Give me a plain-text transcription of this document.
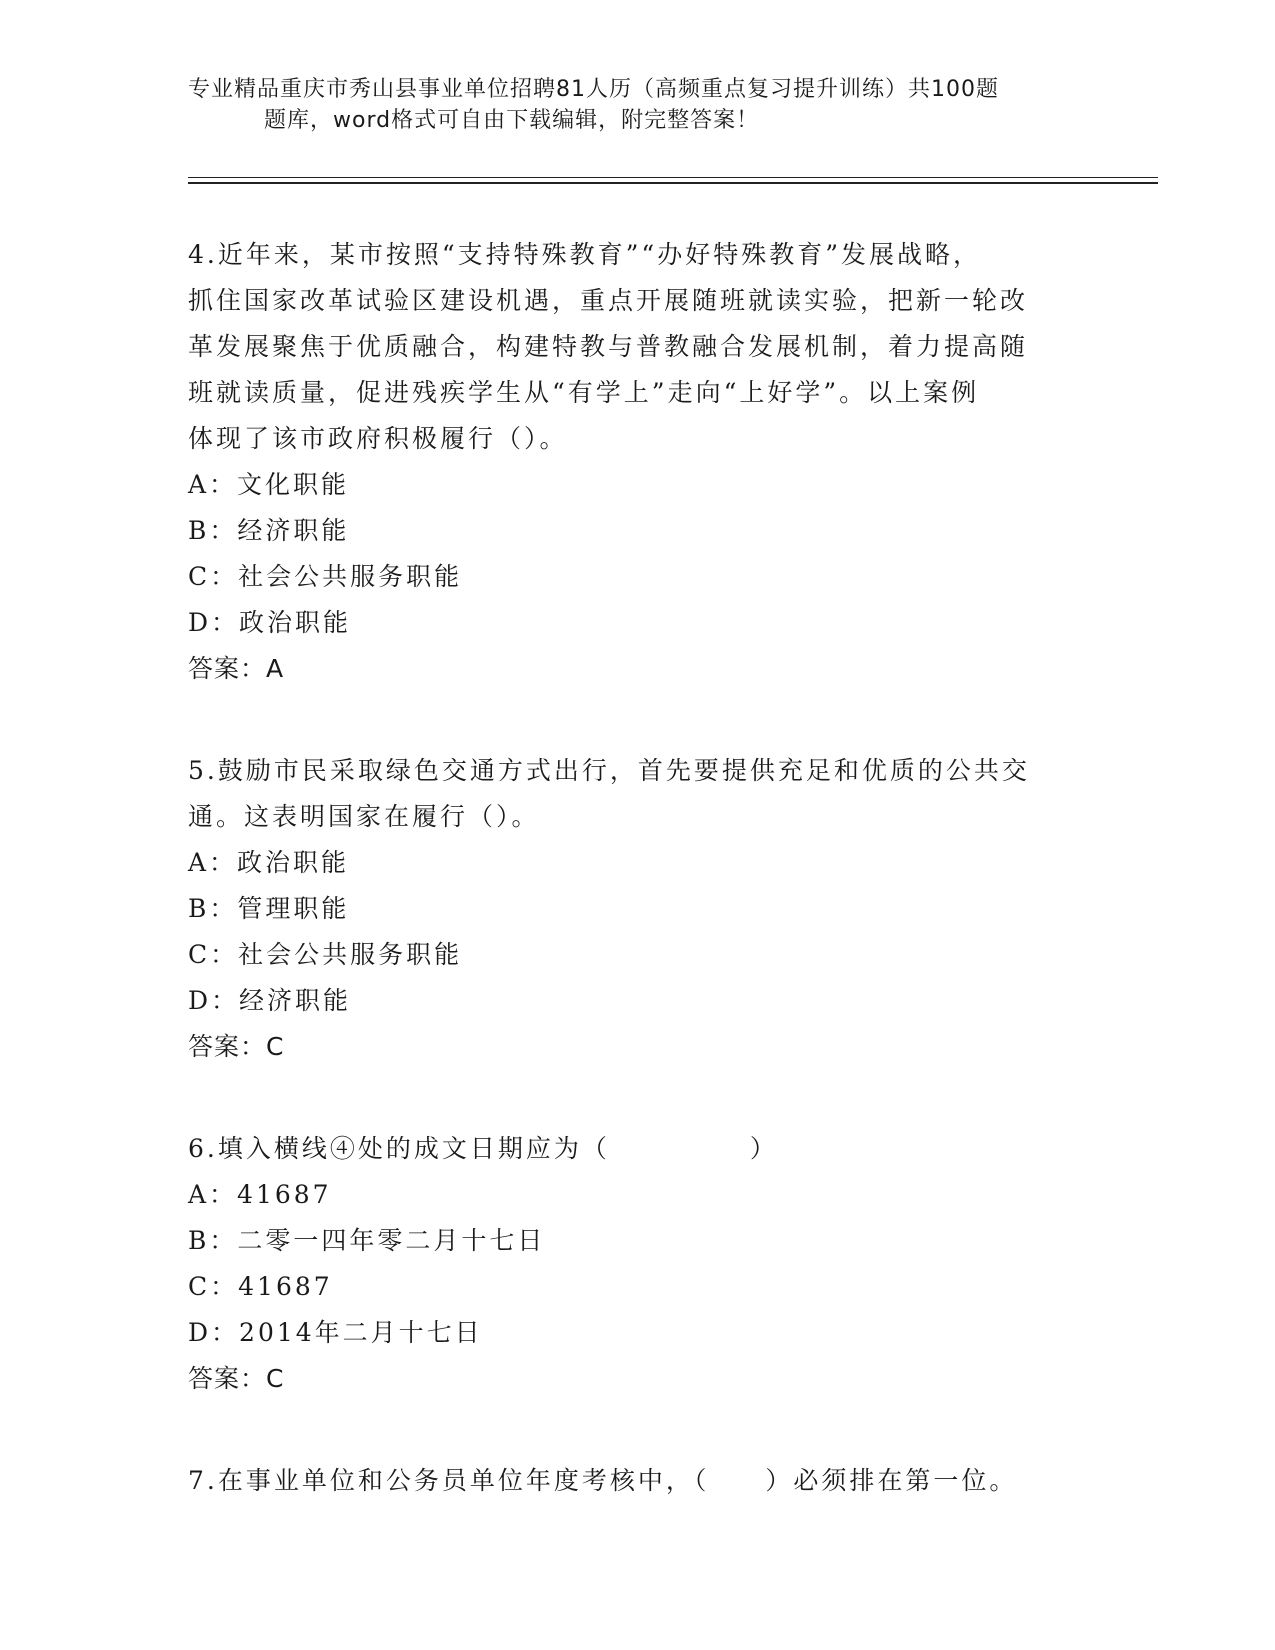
专业精品重庆市秀山县事业单位招聘81人历（高频重点复习提升训练）共100题
题库，word格式可自由下载编辑，附完整答案！
4.近年来，某市按照“支持特殊教育”“办好特殊教育”发展战略，
抓住国家改革试验区建设机遇，重点开展随班就读实验，把新一轮改
革发展聚焦于优质融合，构建特教与普教融合发展机制，着力提高随
班就读质量，促进残疾学生从“有学上”走向“上好学”。以上案例
体现了该市政府积极履行（）。
A：文化职能
B：经济职能
C：社会公共服务职能
D：政治职能
答案：A
5.鼓励市民采取绿色交通方式出行，首先要提供充足和优质的公共交
通。这表明国家在履行（）。
A：政治职能
B：管理职能
C：社会公共服务职能
D：经济职能
答案：C
6.填入横线④处的成文日期应为（　　　　　）
A：41687
B：二零一四年零二月十七日
C：41687
D：2014年二月十七日
答案：C
7.在事业单位和公务员单位年度考核中，（　　）必须排在第一位。
